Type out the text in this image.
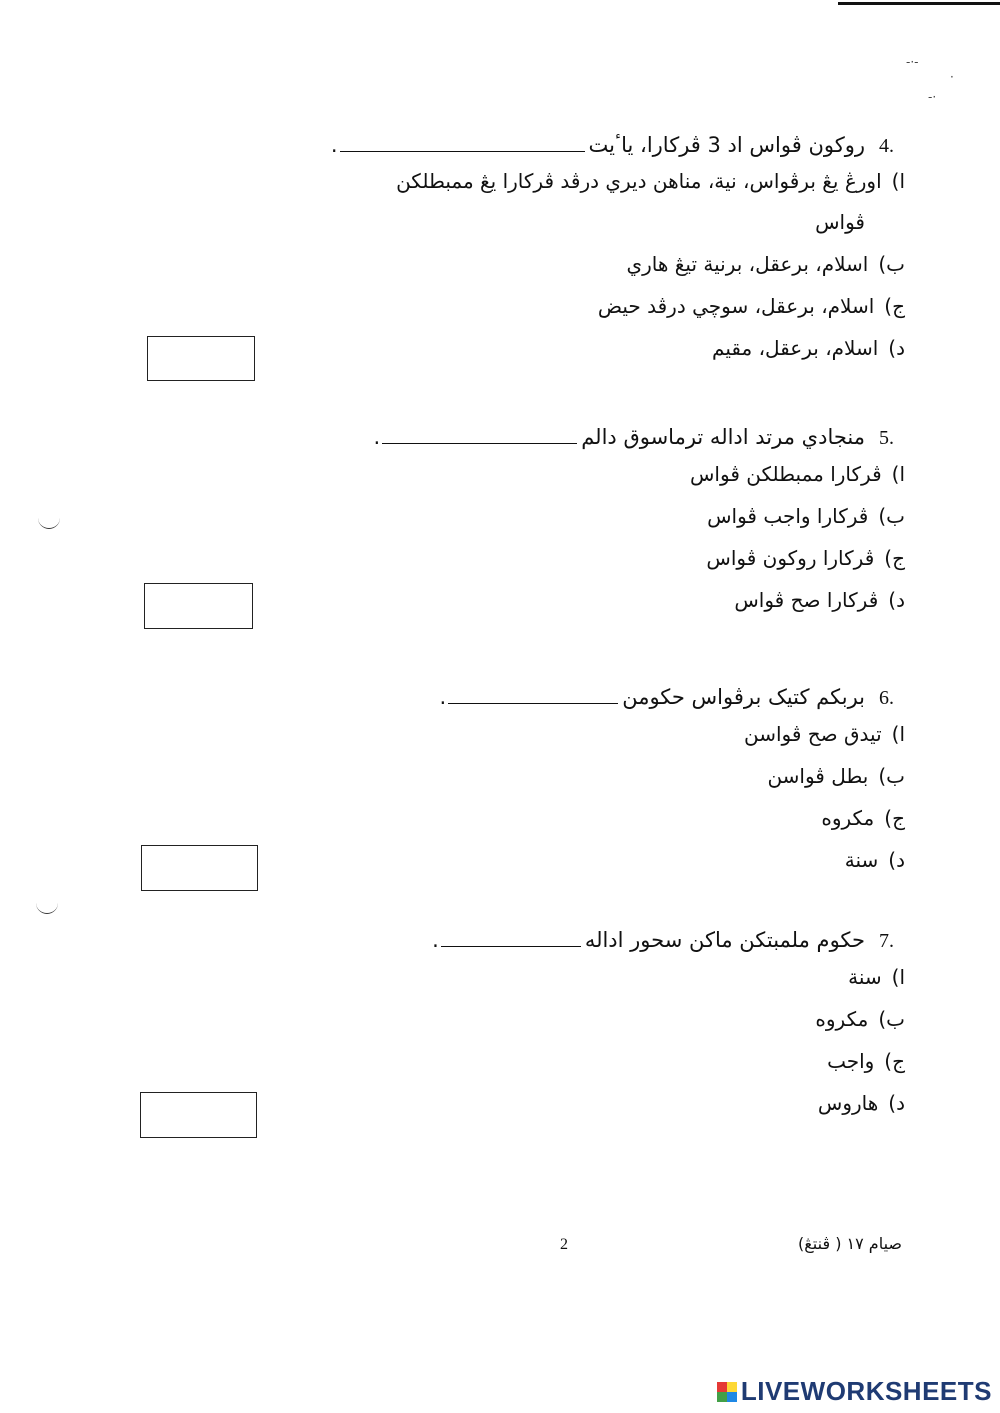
-·-
·
-·
4.
روكون ڤواس اد 3 ڤركارا، ياٴيت
.
ا)
اورڠ يڠ برڤواس، نية، مناهن ديري درڤد ڤركارا يڠ ممبطلكن
ڤواس
ب)
اسلام، برعقل، برنية تيڠ هاري
ج)
اسلام، برعقل، سوچي درڤد حيض
د)
اسلام، برعقل، مقيم
5.
منجادي مرتد اداله ترماسوق دالم
.
ا)
ڤركارا ممبطلكن ڤواس
ب)
ڤركارا واجب ڤواس
ج)
ڤركارا روكون ڤواس
د)
ڤركارا صح ڤواس
6.
بربكم كتيک برڤواس حكومن
.
ا)
تيدق صح ڤواسن
ب)
بطل ڤواسن
ج)
مكروه
د)
سنة
7.
حكوم ملمبتكن ماكن سحور اداله
.
ا)
سنة
ب)
مكروه
ج)
واجب
د)
هاروس
2	صيام ١٧ ( ڤنتڠ)
LIVEWORKSHEETS
